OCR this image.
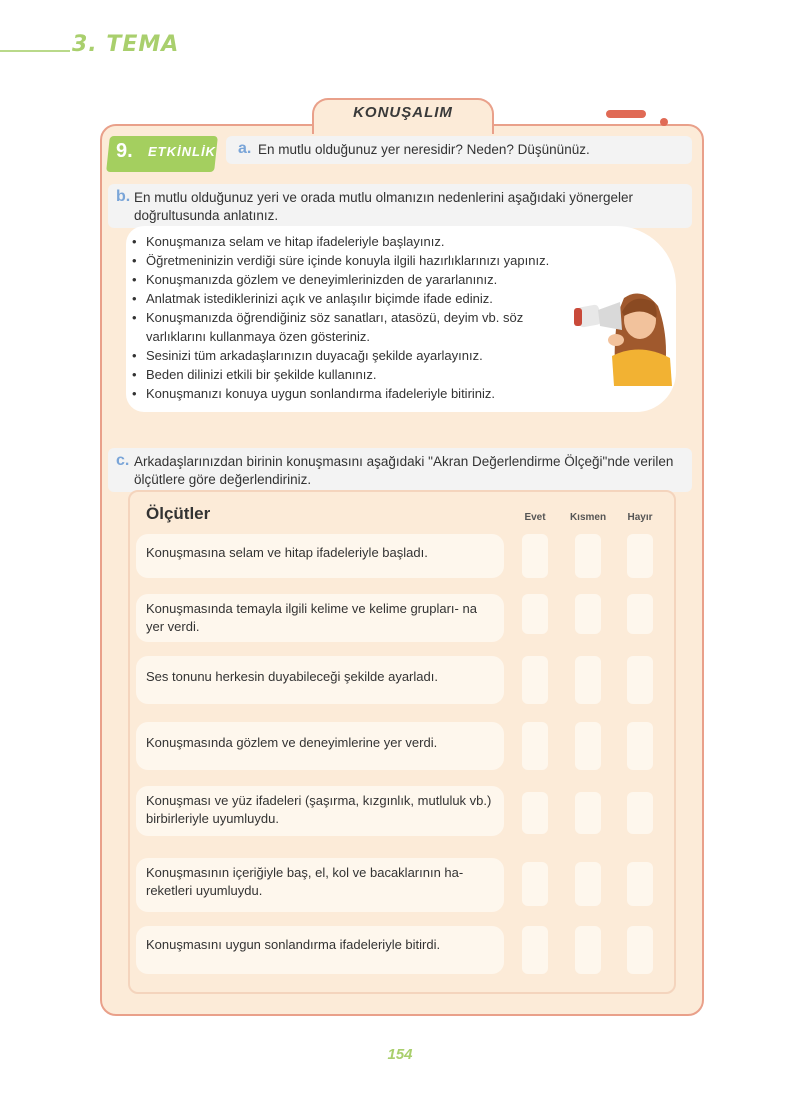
3. TEMA
KONUŞALIM
9. ETKİNLİK a. En mutlu olduğunuz yer neresidir? Neden? Düşününüz.
b. En mutlu olduğunuz yeri ve orada mutlu olmanızın nedenlerini aşağıdaki yönergeler doğrultusunda anlatınız.
• Konuşmanıza selam ve hitap ifadeleriyle başlayınız.
• Öğretmeninizin verdiği süre içinde konuyla ilgili hazırlıklarınızı yapınız.
• Konuşmanızda gözlem ve deneyimlerinizden de yararlanınız.
• Anlatmak istediklerinizi açık ve anlaşılır biçimde ifade ediniz.
• Konuşmanızda öğrendiğiniz söz sanatları, atasözü, deyim vb. söz varlıklarını kullanmaya özen gösteriniz.
• Sesinizi tüm arkadaşlarınızın duyacağı şekilde ayarlayınız.
• Beden dilinizi etkili bir şekilde kullanınız.
• Konuşmanızı konuya uygun sonlandırma ifadeleriyle bitiriniz.
c. Arkadaşlarınızdan birinin konuşmasını aşağıdaki "Akran Değerlendirme Ölçeği"nde verilen ölçütlere göre değerlendiriniz.
Ölçütler	Evet	Kısmen	Hayır
Konuşmasına selam ve hitap ifadeleriyle başladı.
Konuşmasında temayla ilgili kelime ve kelime grupları- na yer verdi.
Ses tonunu herkesin duyabileceği şekilde ayarladı.
Konuşmasında gözlem ve deneyimlerine yer verdi.
Konuşması ve yüz ifadeleri (şaşırma, kızgınlık, mutluluk vb.) birbirleriyle uyumluydu.
Konuşmasının içeriğiyle baş, el, kol ve bacaklarının ha- reketleri uyumluydu.
Konuşmasını uygun sonlandırma ifadeleriyle bitirdi.
154
